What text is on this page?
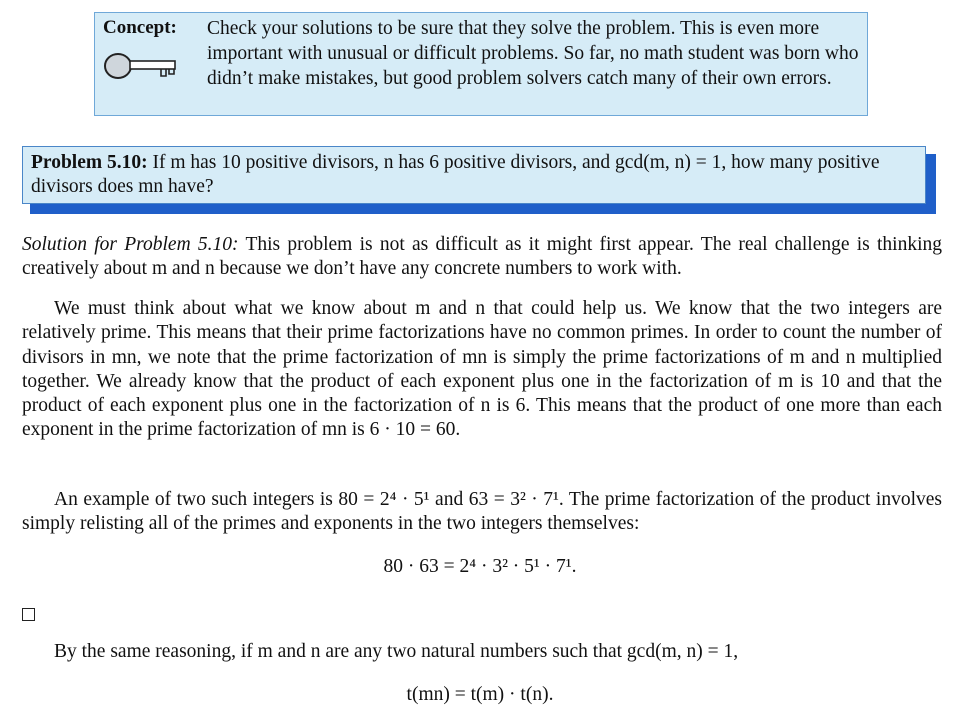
Concept: Check your solutions to be sure that they solve the problem. This is even more important with unusual or difficult problems. So far, no math student was born who didn’t make mistakes, but good problem solvers catch many of their own errors.
Problem 5.10: If m has 10 positive divisors, n has 6 positive divisors, and gcd(m, n) = 1, how many positive divisors does mn have?
Solution for Problem 5.10: This problem is not as difficult as it might first appear. The real challenge is thinking creatively about m and n because we don’t have any concrete numbers to work with.
We must think about what we know about m and n that could help us. We know that the two integers are relatively prime. This means that their prime factorizations have no common primes. In order to count the number of divisors in mn, we note that the prime factorization of mn is simply the prime factorizations of m and n multiplied together. We already know that the product of each exponent plus one in the factorization of m is 10 and that the product of each exponent plus one in the factorization of n is 6. This means that the product of one more than each exponent in the prime factorization of mn is 6 · 10 = 60.
An example of two such integers is 80 = 2⁴ · 5¹ and 63 = 3² · 7¹. The prime factorization of the product involves simply relisting all of the primes and exponents in the two integers themselves:
80 · 63 = 2⁴ · 3² · 5¹ · 7¹.
By the same reasoning, if m and n are any two natural numbers such that gcd(m, n) = 1,
t(mn) = t(m) · t(n).
